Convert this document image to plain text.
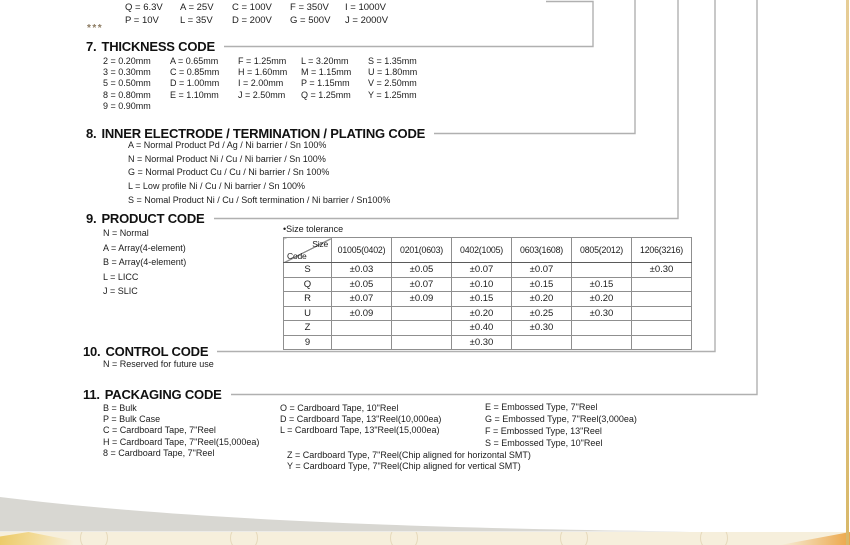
Q = 6.3V	A = 25V	C = 100V	F = 350V	I = 1000V
P = 10V	L = 35V	D = 200V	G = 500V	J = 2000V
***
7. THICKNESS CODE
8. INNER ELECTRODE / TERMINATION / PLATING CODE
9. PRODUCT CODE
10. CONTROL CODE
11. PACKAGING CODE
2 = 0.20mm	A = 0.65mm	F = 1.25mm	L = 3.20mm	S = 1.35mm
3 = 0.30mm	C = 0.85mm	H = 1.60mm	M = 1.15mm	U = 1.80mm
5 = 0.50mm	D = 1.00mm	I = 2.00mm	P = 1.15mm	V = 2.50mm
8 = 0.80mm	E = 1.10mm	J = 2.50mm	Q = 1.25mm	Y = 1.25mm
9 = 0.90mm
A = Normal Product Pd / Ag / Ni barrier / Sn 100%
N = Normal Product Ni / Cu / Ni barrier / Sn 100%
G = Normal Product Cu / Cu / Ni barrier / Sn 100%
L = Low profile Ni / Cu / Ni barrier / Sn 100%
S = Nomal Product Ni / Cu / Soft termination / Ni barrier / Sn100%
N = Normal
A = Array(4-element)
B = Array(4-element)
L = LICC
J = SLIC
•Size tolerance
Size
Code	01005(0402)	0201(0603)	0402(1005)	0603(1608)	0805(2012)	1206(3216)
S	±0.03	±0.05	±0.07	±0.07		±0.30
Q	±0.05	±0.07	±0.10	±0.15	±0.15	
R	±0.07	±0.09	±0.15	±0.20	±0.20	
U	±0.09		±0.20	±0.25	±0.30	
Z			±0.40	±0.30		
9			±0.30			
N = Reserved for future use
B = Bulk
P = Bulk Case
C = Cardboard Tape, 7"Reel
H = Cardboard Tape, 7"Reel(15,000ea)
8 = Cardboard Tape, 7"Reel
O = Cardboard Tape, 10"Reel
D = Cardboard Tape, 13"Reel(10,000ea)
L = Cardboard Tape, 13"Reel(15,000ea)
E = Embossed Type, 7"Reel
G = Embossed Type, 7"Reel(3,000ea)
F = Embossed Type, 13"Reel
S = Embossed Type, 10"Reel
Z = Cardboard Type, 7"Reel(Chip aligned for horizontal SMT)
Y = Cardboard Type, 7"Reel(Chip aligned for vertical SMT)
